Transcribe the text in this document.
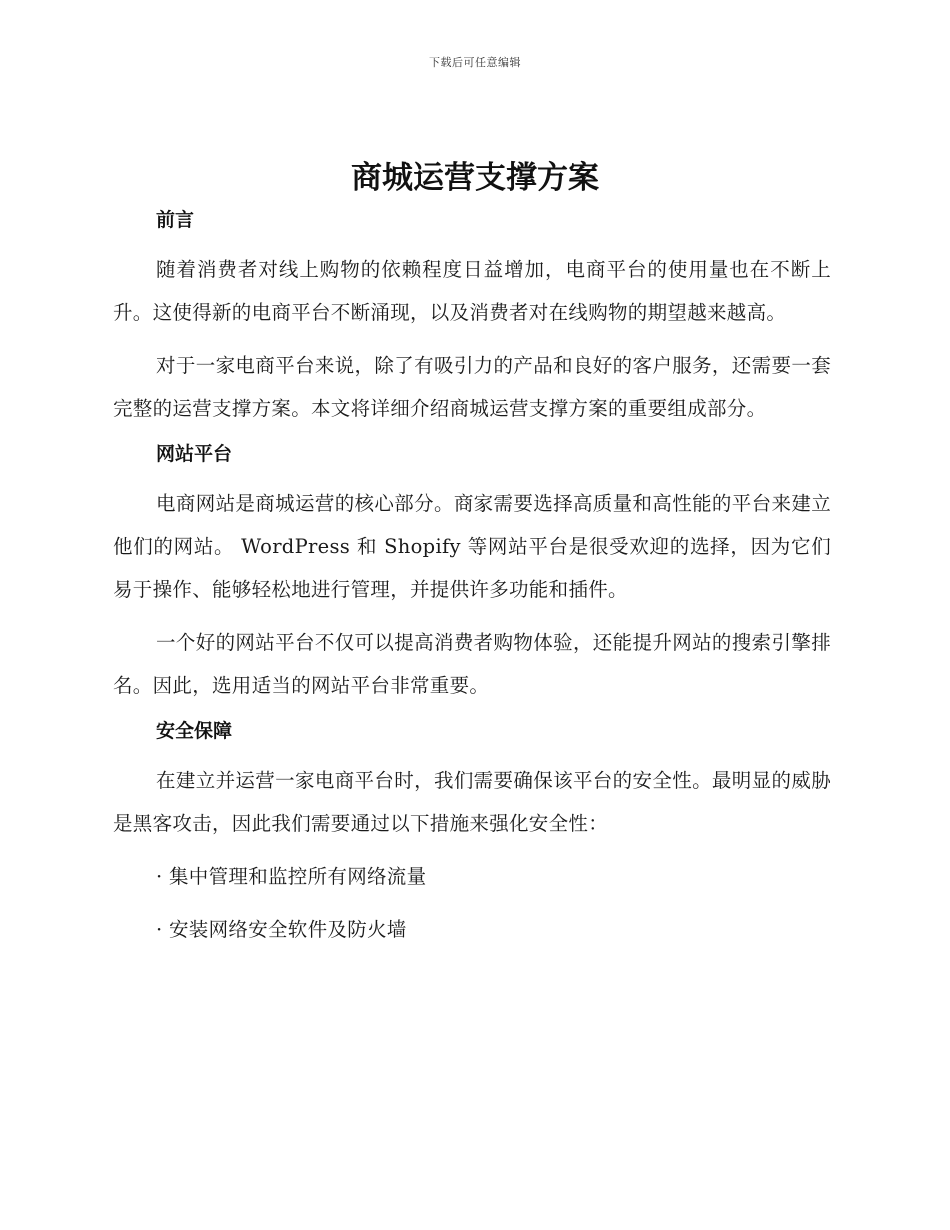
下载后可任意编辑
商城运营支撑方案
前言

随着消费者对线上购物的依赖程度日益增加，电商平台的使用量也在不断上升。这使得新的电商平台不断涌现，以及消费者对在线购物的期望越来越高。

对于一家电商平台来说，除了有吸引力的产品和良好的客户服务，还需要一套完整的运营支撑方案。本文将详细介绍商城运营支撑方案的重要组成部分。

网站平台

电商网站是商城运营的核心部分。商家需要选择高质量和高性能的平台来建立他们的网站。 WordPress 和 Shopify 等网站平台是很受欢迎的选择，因为它们易于操作、能够轻松地进行管理，并提供许多功能和插件。

一个好的网站平台不仅可以提高消费者购物体验，还能提升网站的搜索引擎排名。因此，选用适当的网站平台非常重要。

安全保障

在建立并运营一家电商平台时，我们需要确保该平台的安全性。最明显的威胁是黑客攻击，因此我们需要通过以下措施来强化安全性：

· 集中管理和监控所有网络流量
· 安装网络安全软件及防火墙
